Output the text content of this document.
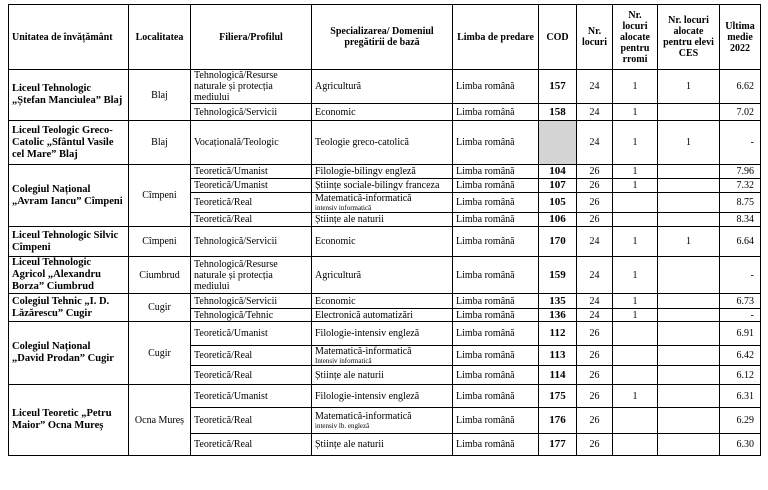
Unitatea de învățământ	Localitatea	Filiera/Profilul	Specializarea/ Domeniul pregătirii de bază	Limba de predare	COD	Nr. locuri	Nr. locuri alocate pentru rromi	Nr. locuri alocate pentru elevi CES	Ultima medie 2022
Liceul Tehnologic „Ștefan Manciulea” Blaj	Blaj	Tehnologică/Resurse naturale și protecția mediului	Agricultură	Limba română	157	24	1	1	6.62
		Tehnologică/Servicii	Economic	Limba română	158	24	1		7.02
Liceul Teologic Greco-Catolic „Sfântul Vasile cel Mare” Blaj	Blaj	Vocațională/Teologic	Teologie greco-catolică	Limba română		24	1	1	-
Colegiul Național „Avram Iancu” Cîmpeni	Cîmpeni	Teoretică/Umanist	Filologie-bilingv engleză	Limba română	104	26	1		7.96
		Teoretică/Umanist	Științe sociale-bilingv franceza	Limba română	107	26	1		7.32
		Teoretică/Real	Matematică-informatică
intensiv informatică	Limba română	105	26			8.75
		Teoretică/Real	Științe ale naturii	Limba română	106	26			8.34
Liceul Tehnologic Silvic Cîmpeni	Cîmpeni	Tehnologică/Servicii	Economic	Limba română	170	24	1	1	6.64
Liceul Tehnologic Agricol „Alexandru Borza” Ciumbrud	Ciumbrud	Tehnologică/Resurse naturale și protecția mediului	Agricultură	Limba română	159	24	1		-
Colegiul Tehnic „I. D. Lăzărescu” Cugir	Cugir	Tehnologică/Servicii	Economic	Limba română	135	24	1		6.73
		Tehnologică/Tehnic	Electronică automatizări	Limba română	136	24	1		-
Colegiul Național „David Prodan” Cugir	Cugir	Teoretică/Umanist	Filologie-intensiv engleză	Limba română	112	26			6.91
		Teoretică/Real	Matematică-informatică
Intensiv informatică	Limba română	113	26			6.42
		Teoretică/Real	Științe ale naturii	Limba română	114	26			6.12
Liceul Teoretic „Petru Maior” Ocna Mureș	Ocna Mureș	Teoretică/Umanist	Filologie-intensiv engleză	Limba română	175	26	1		6.31
		Teoretică/Real	Matematică-informatică
intensiv lb. engleză	Limba română	176	26			6.29
		Teoretică/Real	Științe ale naturii	Limba română	177	26			6.30
